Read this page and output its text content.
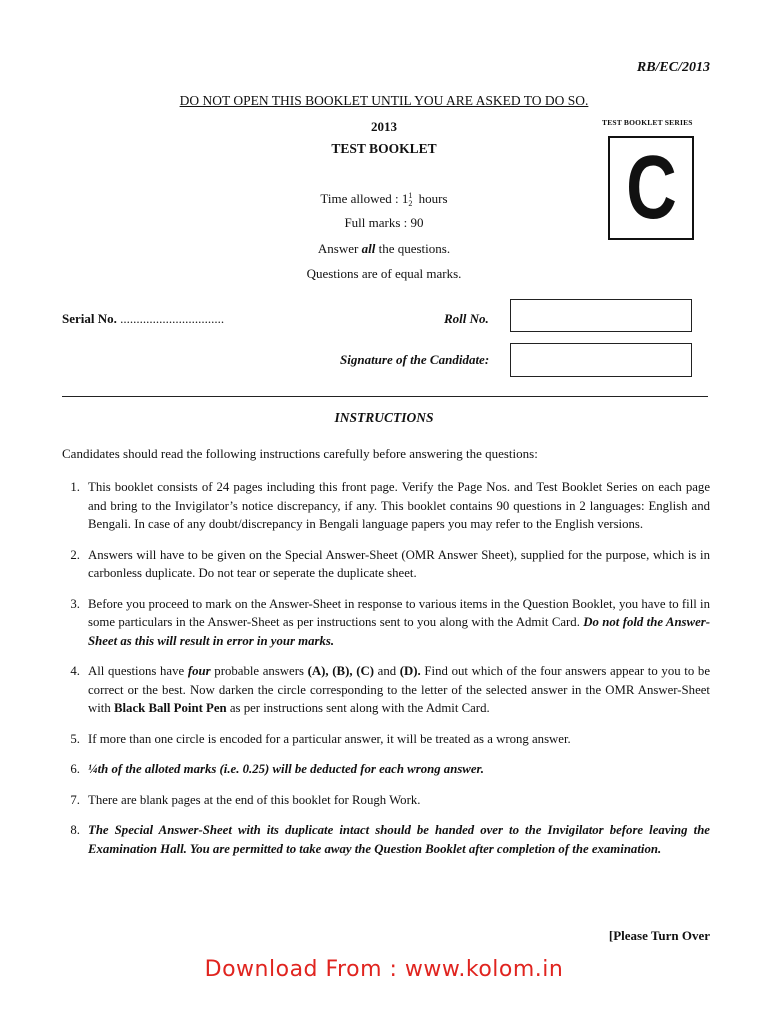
RB/EC/2013
DO NOT OPEN THIS BOOKLET UNTIL YOU ARE ASKED TO DO SO.
2013
TEST BOOKLET
TEST BOOKLET SERIES
C
Time allowed : 1 1
2 hours
Full marks : 90
Answer all the questions.
Questions are of equal marks.
Serial No. ................................	Roll No.
Signature of the Candidate:
INSTRUCTIONS
Candidates should read the following instructions carefully before answering the questions:
1. This booklet consists of 24 pages including this front page. Verify the Page Nos. and Test Booklet Series on each page and bring to the Invigilator’s notice discrepancy, if any. This booklet contains 90 questions in 2 languages: English and Bengali. In case of any doubt/discrepancy in Bengali language papers you may refer to the English versions.
2. Answers will have to be given on the Special Answer-Sheet (OMR Answer Sheet), supplied for the purpose, which is in carbonless duplicate. Do not tear or seperate the duplicate sheet.
3. Before you proceed to mark on the Answer-Sheet in response to various items in the Question Booklet, you have to fill in some particulars in the Answer-Sheet as per instructions sent to you along with the Admit Card. Do not fold the Answer-Sheet as this will result in error in your marks.
4. All questions have four probable answers (A), (B), (C) and (D). Find out which of the four answers appear to you to be correct or the best. Now darken the circle corresponding to the letter of the selected answer in the OMR Answer-Sheet with Black Ball Point Pen as per instructions sent along with the Admit Card.
5. If more than one circle is encoded for a particular answer, it will be treated as a wrong answer.
6. ¼th of the alloted marks (i.e. 0.25) will be deducted for each wrong answer.
7. There are blank pages at the end of this booklet for Rough Work.
8. The Special Answer-Sheet with its duplicate intact should be handed over to the Invigilator before leaving the Examination Hall. You are permitted to take away the Question Booklet after completion of the examination.
[Please Turn Over
Download From : www.kolom.in
